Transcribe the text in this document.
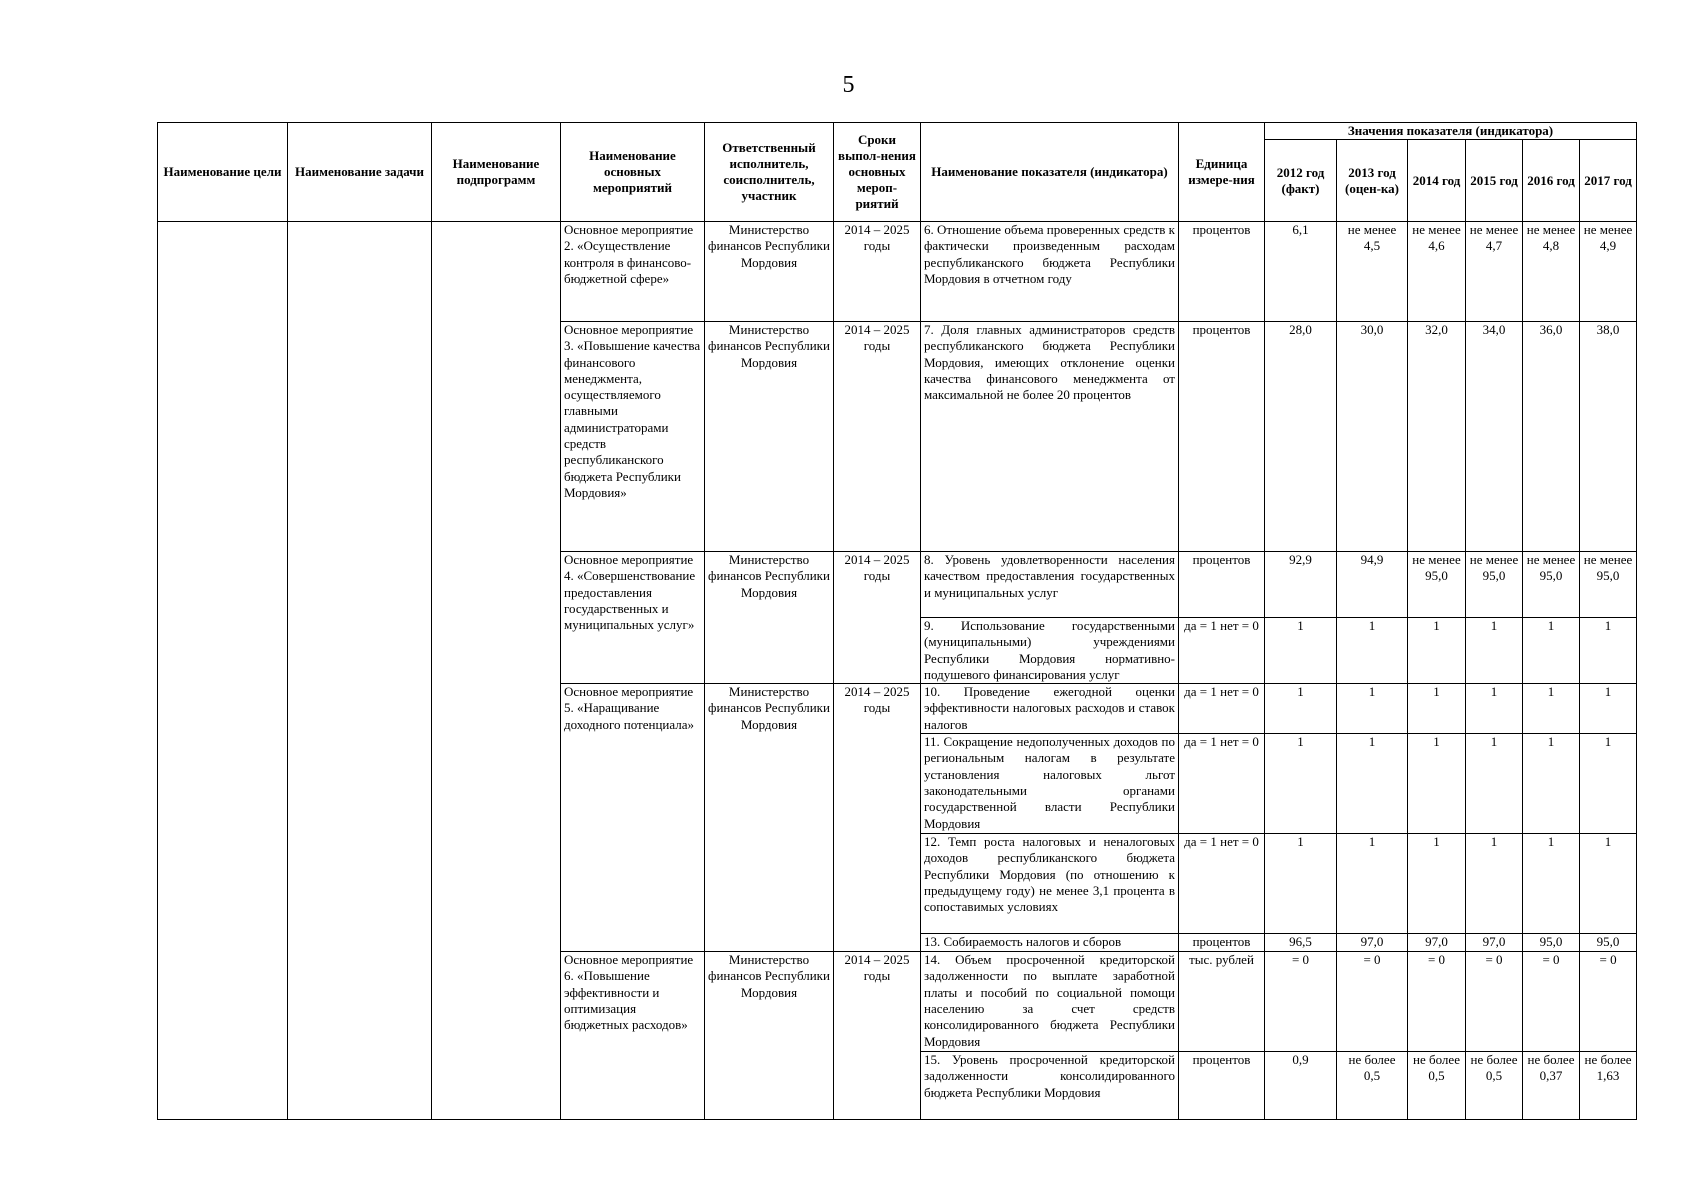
5
Наименование цели	Наименование задачи	Наименование подпрограмм	Наименование основных мероприятий	Ответственный исполнитель, соисполнитель, участник	Сроки выпол-нения основных мероп-риятий	Наименование показателя (индикатора)	Единица измере-ния	Значения показателя (индикатора)					
								2012 год (факт)	2013 год (оцен-ка)	2014 год	2015 год	2016 год	2017 год
			Основное мероприятие 2. «Осуществление контроля в финансово-бюджетной сфере»	Министерство финансов Республики Мордовия	2014 – 2025 годы	6. Отношение объема проверенных средств к фактически произведенным расходам республиканского бюджета Республики Мордовия в отчетном году	процентов	6,1	не менее 4,5	не менее 4,6	не менее 4,7	не менее 4,8	не менее 4,9
			Основное мероприятие 3. «Повышение качества финансового менеджмента, осуществляемого главными администраторами средств республиканского бюджета Республики Мордовия»	Министерство финансов Республики Мордовия	2014 – 2025 годы	7. Доля главных администраторов средств республиканского бюджета Республики Мордовия, имеющих отклонение оценки качества финансового менеджмента от максимальной не более 20 процентов	процентов	28,0	30,0	32,0	34,0	36,0	38,0
			Основное мероприятие 4. «Совершенствование предоставления государственных и муниципальных услуг»	Министерство финансов Республики Мордовия	2014 – 2025 годы	8. Уровень удовлетворенности населения качеством предоставления государственных и муниципальных услуг	процентов	92,9	94,9	не менее 95,0	не менее 95,0	не менее 95,0	не менее 95,0
						9. Использование государственными (муниципальными) учреждениями Республики Мордовия нормативно-подушевого финансирования услуг	да = 1 нет = 0	1	1	1	1	1	1
			Основное мероприятие 5. «Наращивание доходного потенциала»	Министерство финансов Республики Мордовия	2014 – 2025 годы	10. Проведение ежегодной оценки эффективности налоговых расходов и ставок налогов	да = 1 нет = 0	1	1	1	1	1	1
						11. Сокращение недополученных доходов по региональным налогам в результате установления налоговых льгот законодательными органами государственной власти Республики Мордовия	да = 1 нет = 0	1	1	1	1	1	1
						12. Темп роста налоговых и неналоговых доходов республиканского бюджета Республики Мордовия (по отношению к предыдущему году) не менее 3,1 процента в сопоставимых условиях	да = 1 нет = 0	1	1	1	1	1	1
						13. Собираемость налогов и сборов	процентов	96,5	97,0	97,0	97,0	95,0	95,0
			Основное мероприятие 6. «Повышение эффективности и оптимизация бюджетных расходов»	Министерство финансов Республики Мордовия	2014 – 2025 годы	14. Объем просроченной кредиторской задолженности по выплате заработной платы и пособий по социальной помощи населению за счет средств консолидированного бюджета Республики Мордовия	тыс. рублей	= 0	= 0	= 0	= 0	= 0	= 0
						15. Уровень просроченной кредиторской задолженности консолидированного бюджета Республики Мордовия	процентов	0,9	не более 0,5	не более 0,5	не более 0,5	не более 0,37	не более 1,63
